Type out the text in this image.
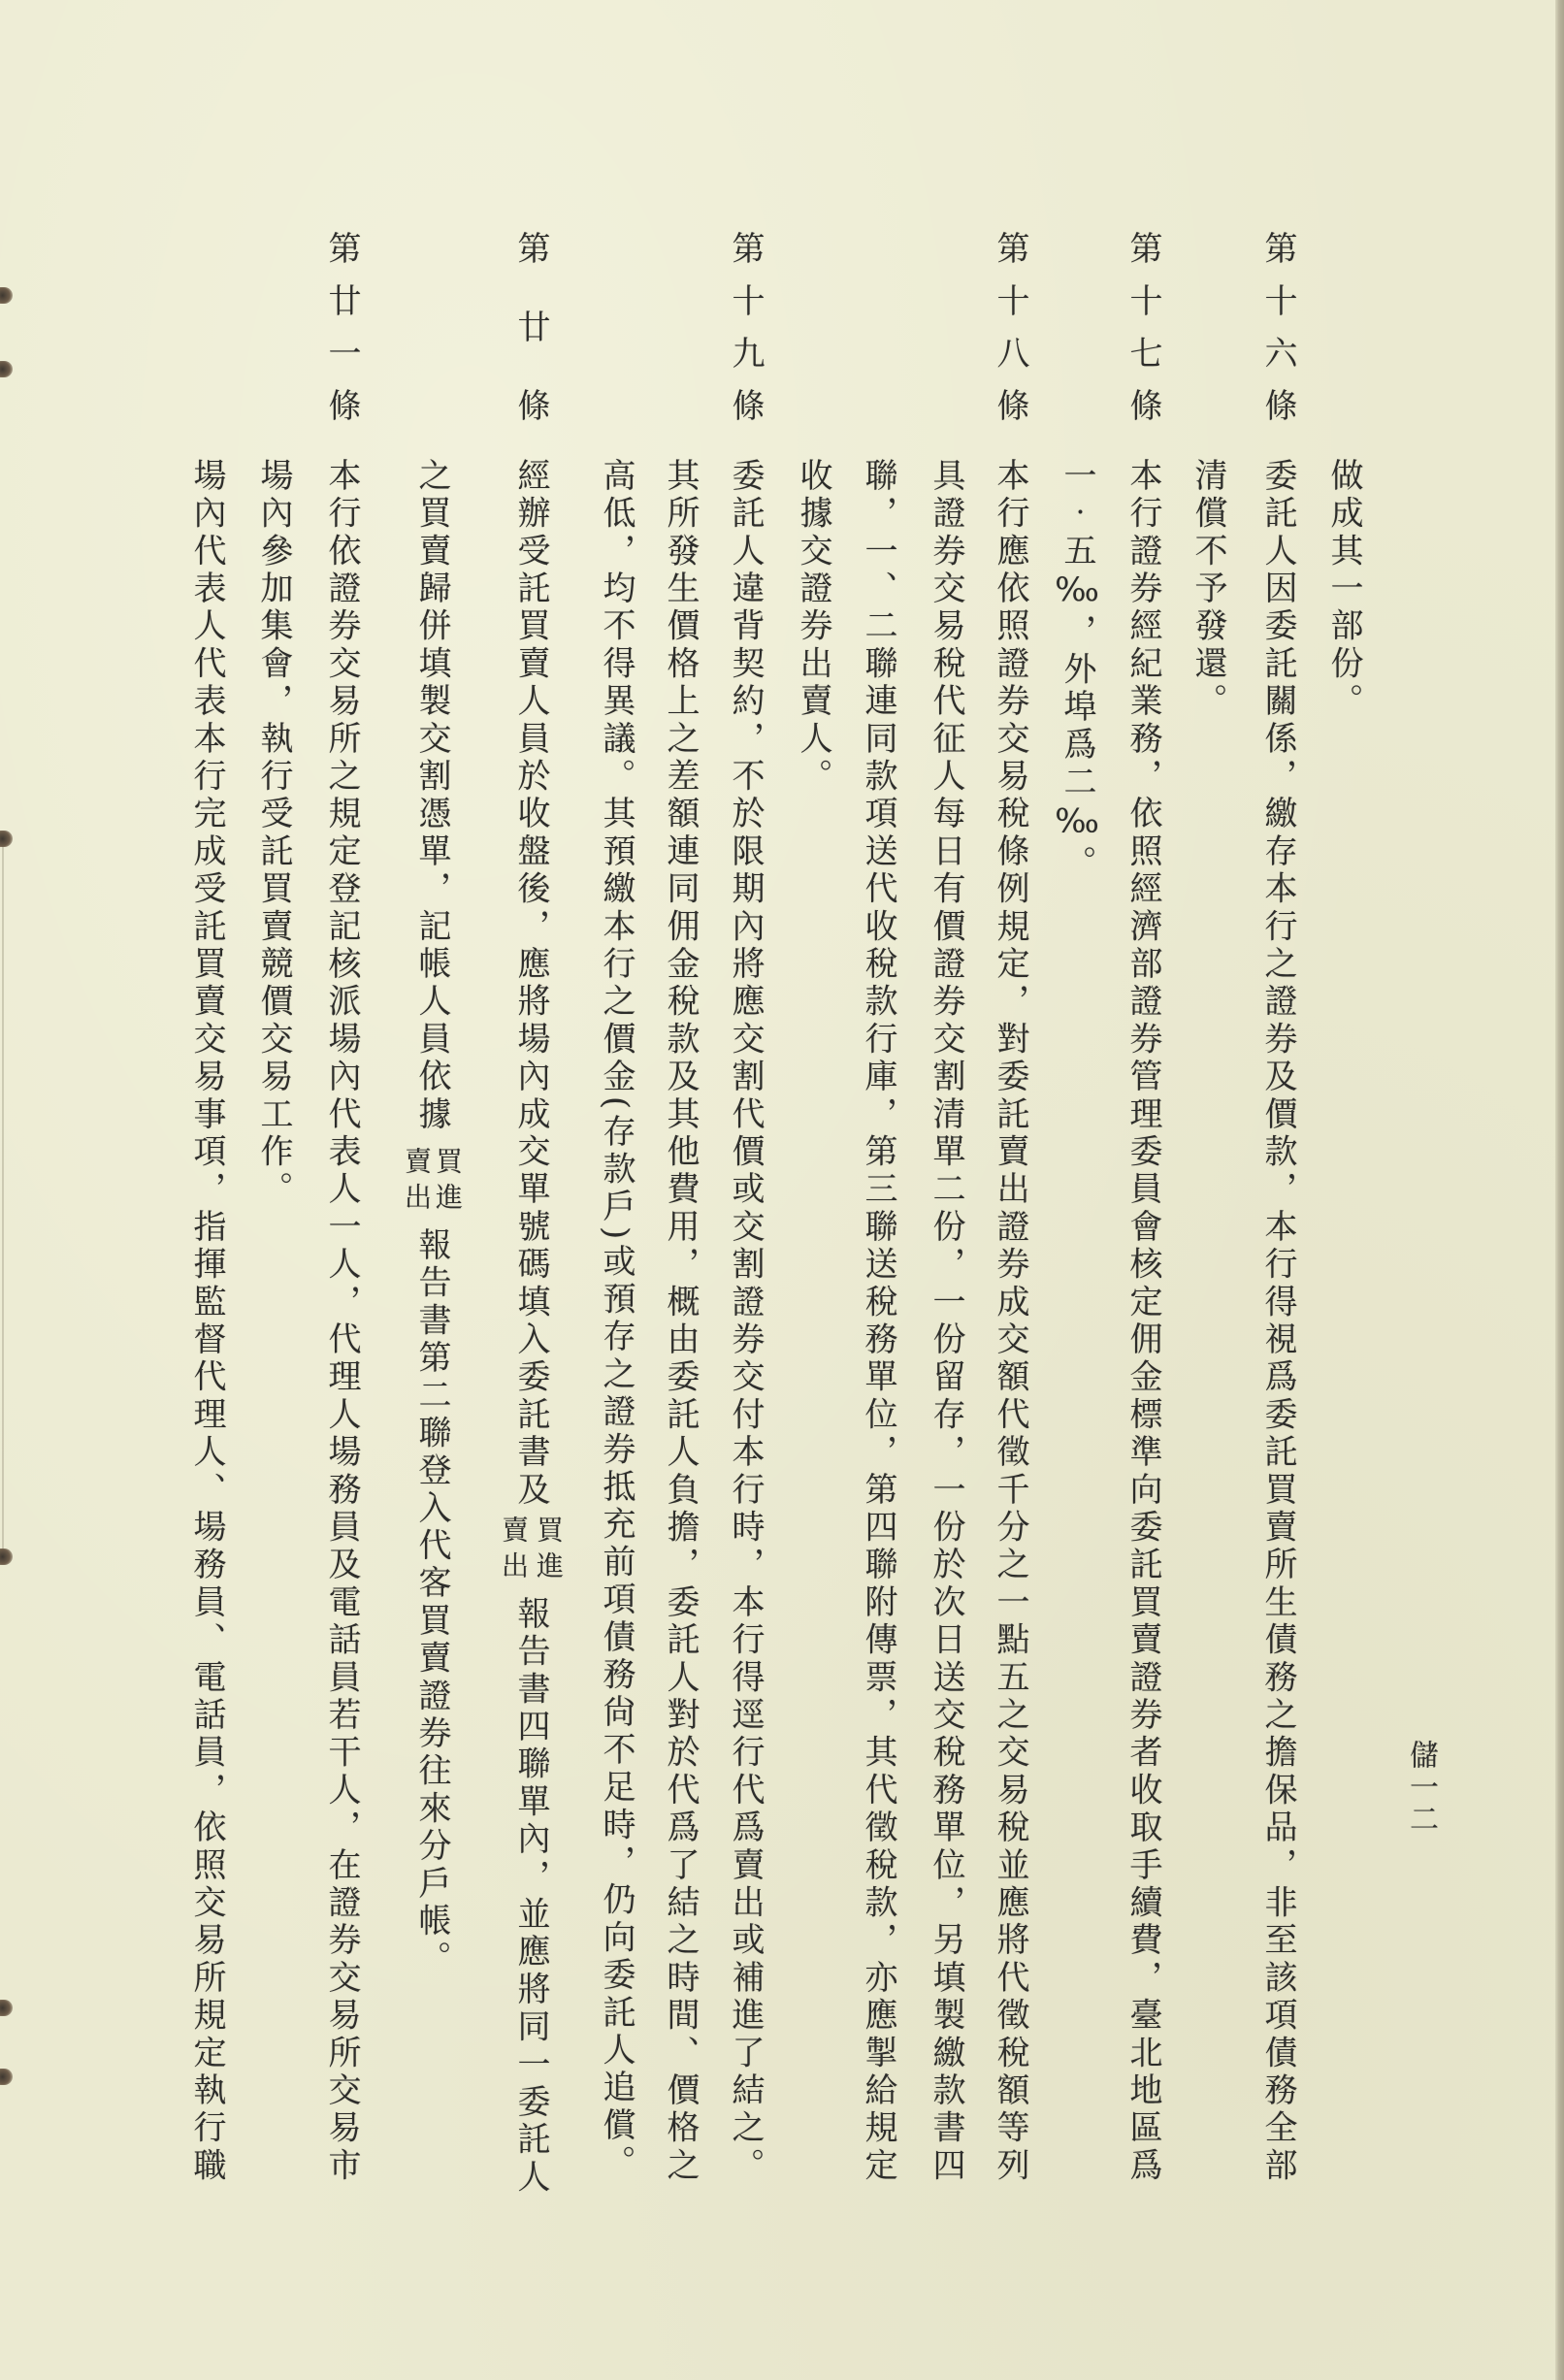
儲一二
做成其一部份。
第十六條
委託人因委託關係，繳存本行之證券及價款，本行得視爲委託買賣所生債務之擔保品，非至該項債務全部
清償不予發還。
第十七條
本行證券經紀業務，依照經濟部證券管理委員會核定佣金標準向委託買賣證券者收取手續費，臺北地區爲
一‧五‰，外埠爲二‰。
第十八條
本行應依照證券交易稅條例規定，對委託賣出證券成交額代徵千分之一點五之交易稅並應將代徵稅額等列
具證券交易稅代征人每日有價證券交割清單二份，一份留存，一份於次日送交稅務單位，另填製繳款書四
聯，一、二聯連同款項送代收稅款行庫，第三聯送稅務單位，第四聯附傳票，其代徵稅款，亦應掣給規定
收據交證券出賣人。
第十九條
委託人違背契約，不於限期內將應交割代價或交割證券交付本行時，本行得逕行代爲賣出或補進了結之。
其所發生價格上之差額連同佣金稅款及其他費用，概由委託人負擔，委託人對於代爲了結之時間、價格之
高低，均不得異議。其預繳本行之價金(存款戶)或預存之證券抵充前項債務尙不足時，仍向委託人追償。
第廿條
經辦受託買賣人員於收盤後，應將場內成交單號碼填入委託書及
買進
賣出
報告書四聯單內，並應將同一委託人
之買賣歸併填製交割憑單，記帳人員依據
買進
賣出
報告書第二聯登入代客買賣證券往來分戶帳。
第廿一條
本行依證券交易所之規定登記核派場內代表人一人，代理人場務員及電話員若干人，在證券交易所交易市
場內參加集會，執行受託買賣競價交易工作。
場內代表人代表本行完成受託買賣交易事項，指揮監督代理人、場務員、電話員，依照交易所規定執行職
